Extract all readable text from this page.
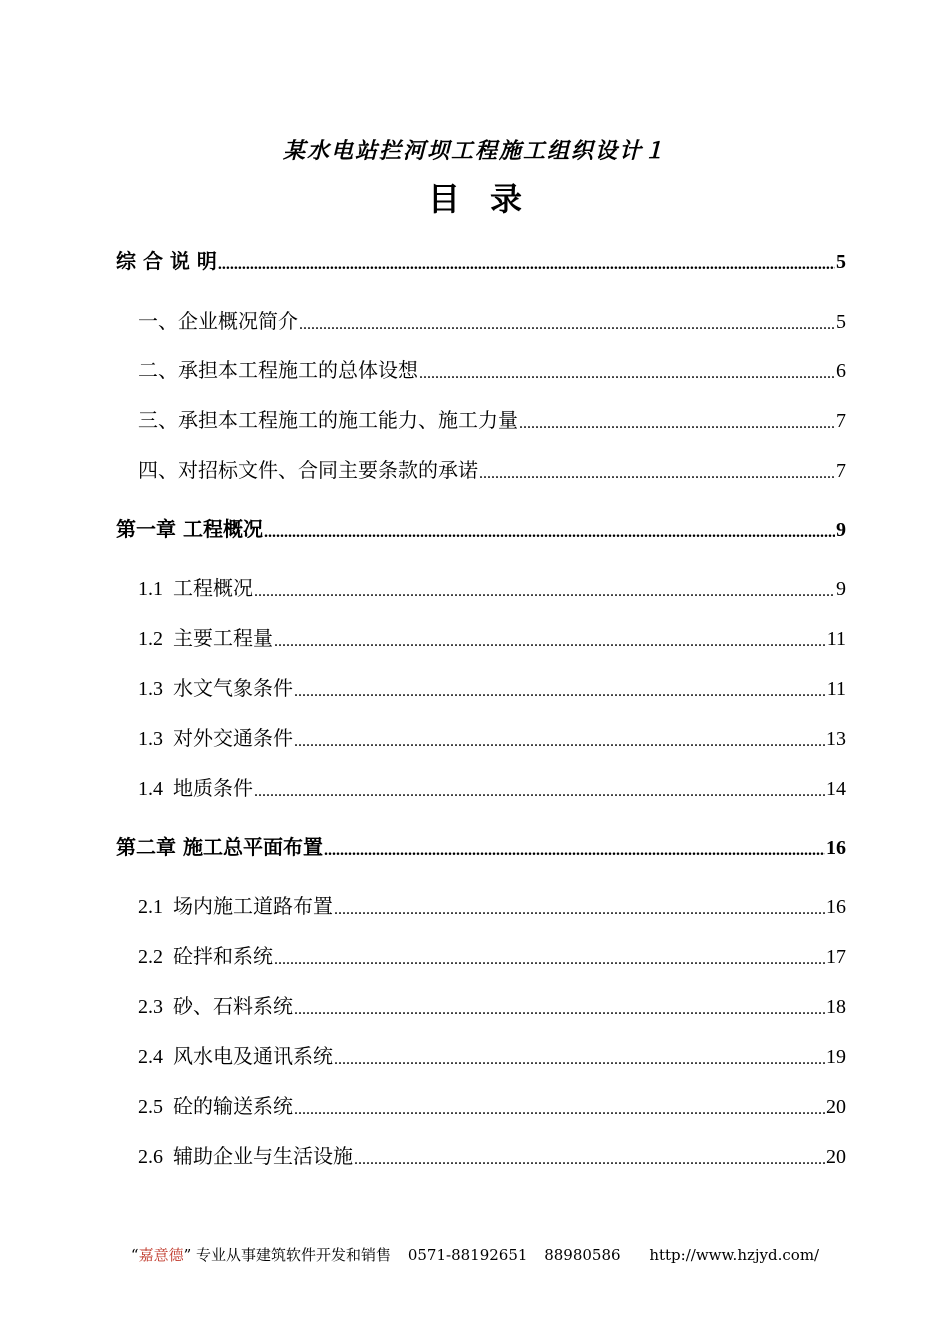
某水电站拦河坝工程施工组织设计１
目录
综 合 说 明 .....	5
一、企业概况简介 .....	5
二、承担本工程施工的总体设想 .....	6
三、承担本工程施工的施工能力、施工力量 .....	7
四、对招标文件、合同主要条款的承诺 .....	7
第一章 工程概况 .....	9
1.1 工程概况 .....	9
1.2 主要工程量 .....	11
1.3 水文气象条件 .....	11
1.3 对外交通条件 .....	13
1.4 地质条件 .....	14
第二章 施工总平面布置 .....	16
2.1 场内施工道路布置 .....	16
2.2 砼拌和系统 .....	17
2.3 砂、石料系统 .....	18
2.4 风水电及通讯系统 .....	19
2.5 砼的输送系统 .....	20
2.6 辅助企业与生活设施 .....	20
“嘉意德” 专业从事建筑软件开发和销售 0571-88192651 88980586 http://www.hzjyd.com/
